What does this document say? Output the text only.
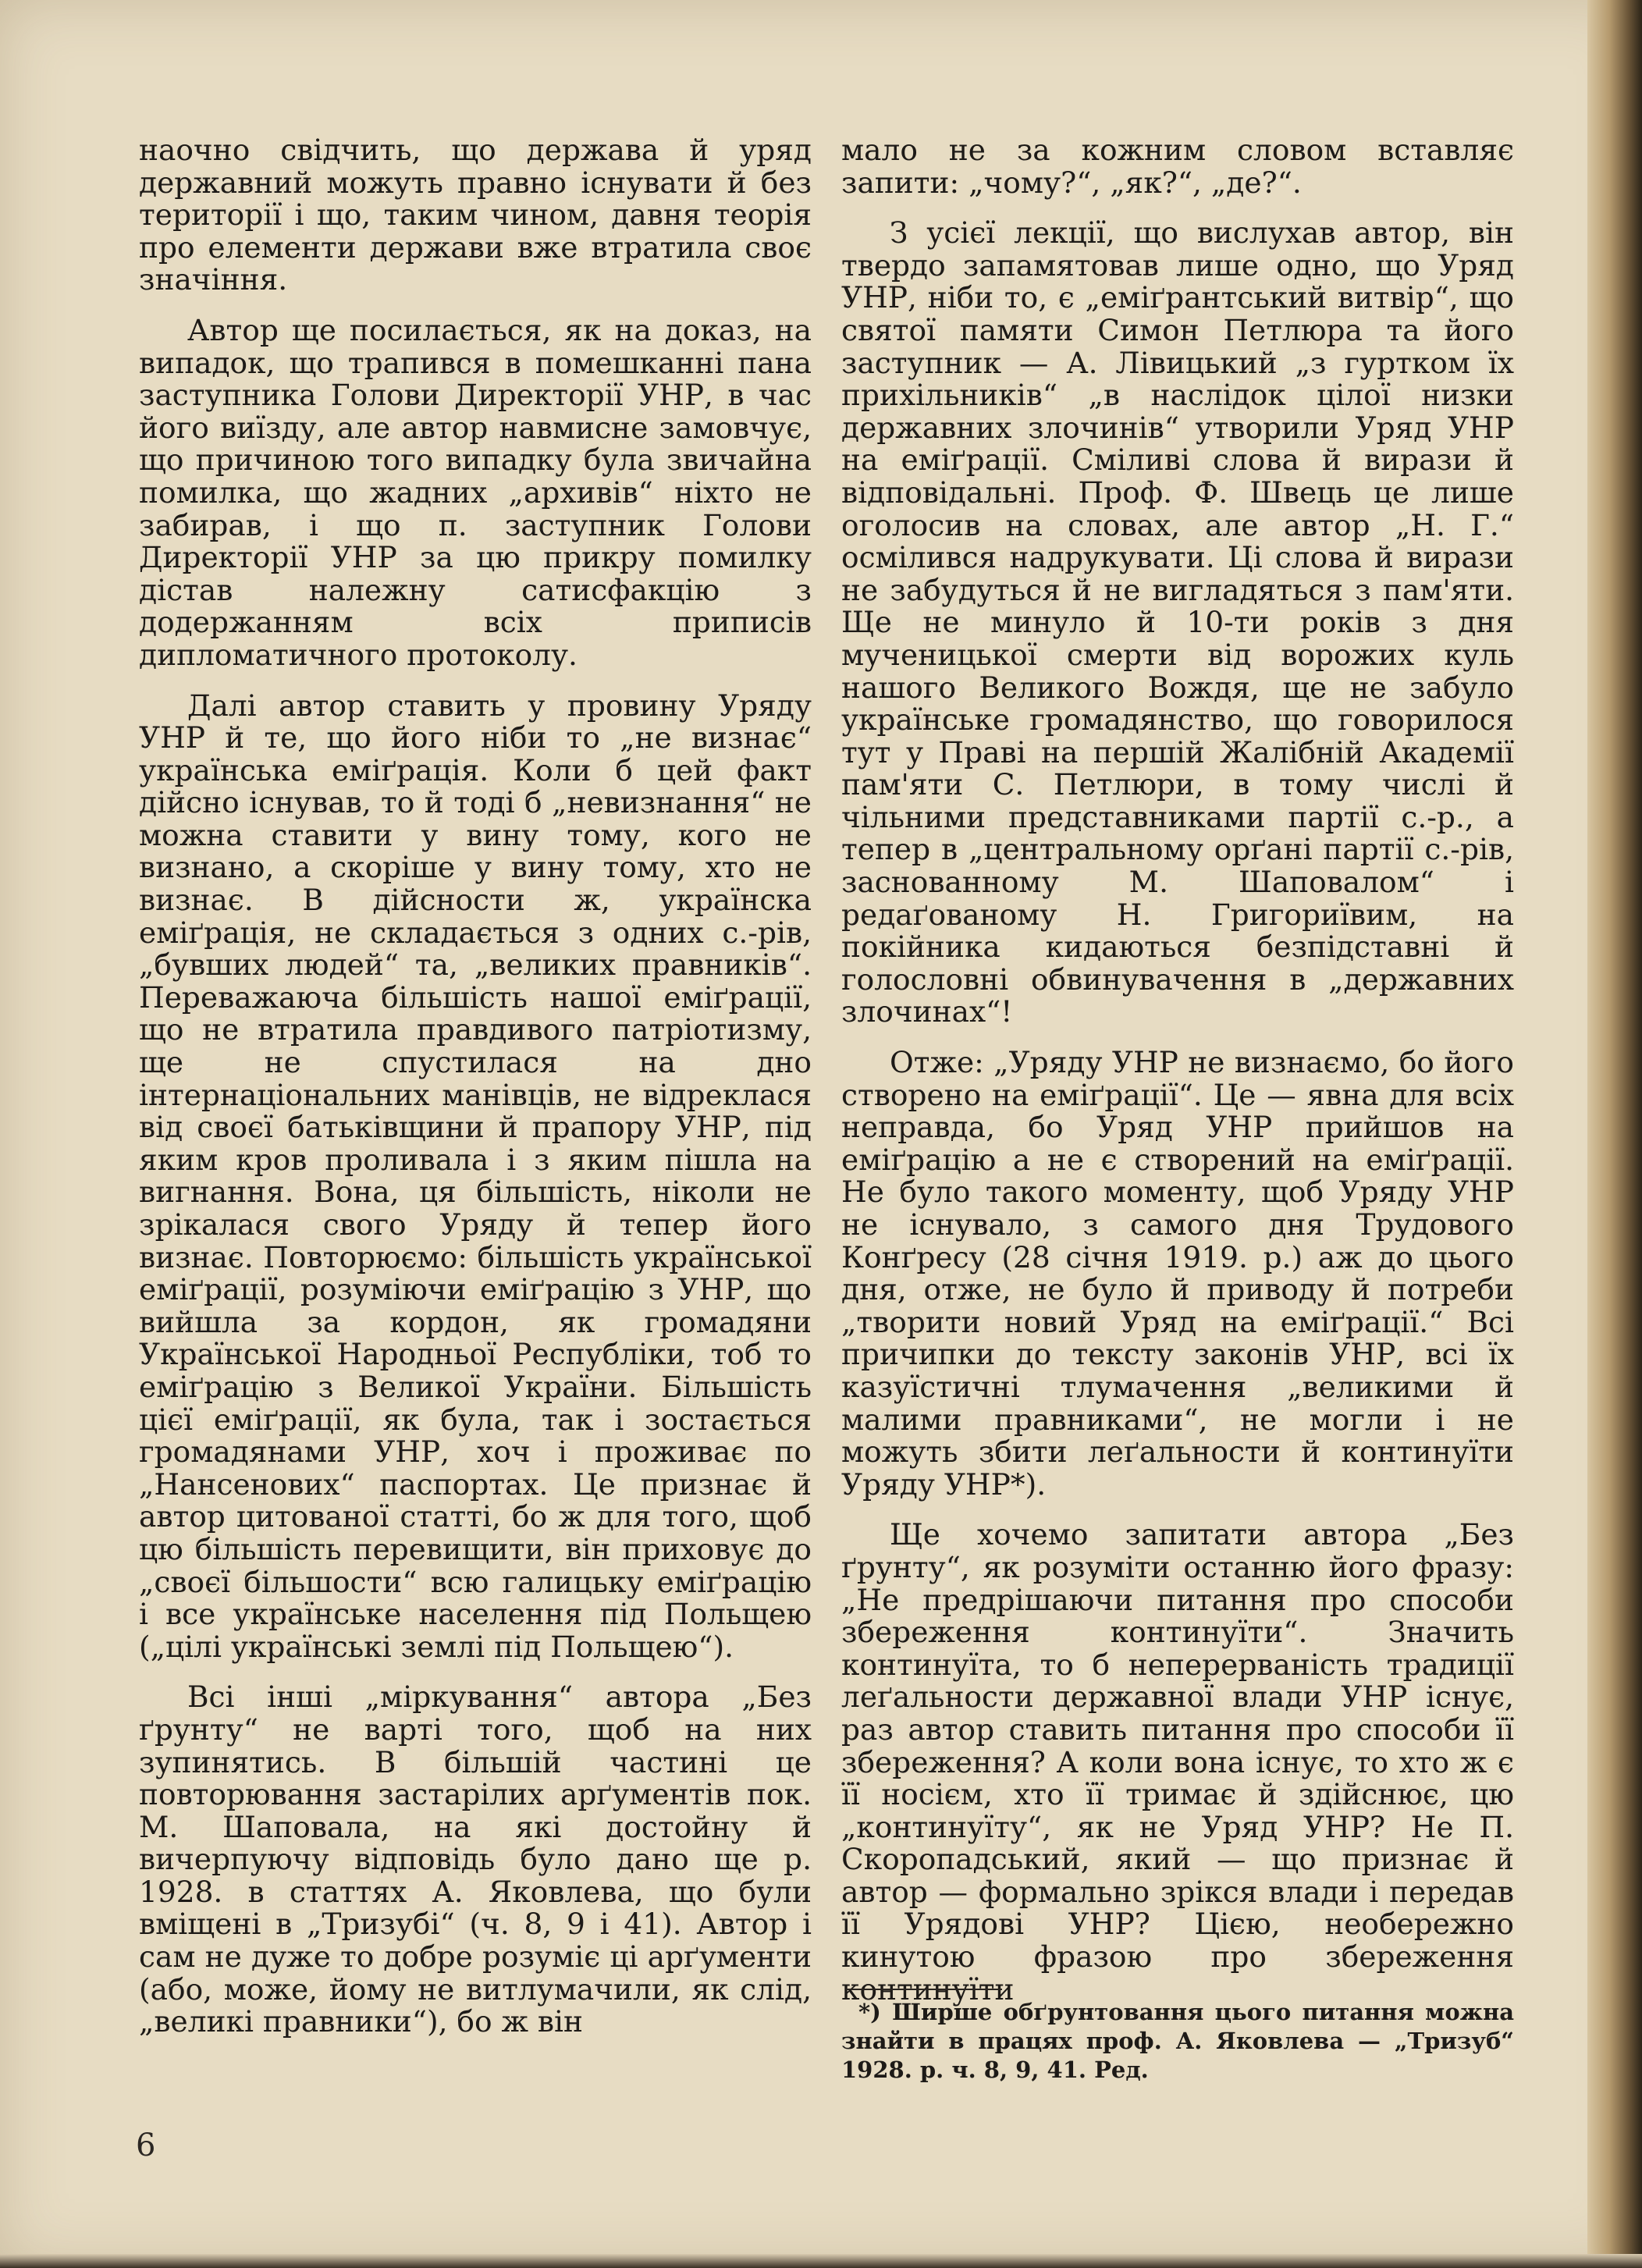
наочно свідчить, що держава й уряд державний можуть правно існувати й без території і що, таким чином, давня теорія про елементи держави вже втратила своє значіння.

Автор ще посилається, як на доказ, на випадок, що трапився в помешканні пана заступника Голови Директорії УНР, в час його виїзду, але автор навмисне замовчує, що причиною того випадку була звичайна помилка, що жадних „архивів“ ніхто не забирав, і що п. заступник Голови Директорії УНР за цю прикру помилку дістав належну сатисфакцію з додержанням всіх приписів дипломатичного протоколу.

Далі автор ставить у провину Уряду УНР й те, що його ніби то „не визнає“ українська еміґрація. Коли б цей факт дійсно існував, то й тоді б „невизнання“ не можна ставити у вину тому, кого не визнано, а скоріше у вину тому, хто не визнає. В дійсности ж, українска еміґрація, не складається з одних с.-рів, „бувших людей“ та, „великих правників“. Переважаюча більшість нашої еміґрації, що не втратила правдивого патріотизму, ще не спустилася на дно інтернаціональних манівців, не відреклася від своєї батьківщини й прапору УНР, під яким кров проливала і з яким пішла на вигнання. Вона, ця більшість, ніколи не зрікалася свого Уряду й тепер його визнає. Повторюємо: більшість української еміґрації, розуміючи еміґрацію з УНР, що вийшла за кордон, як громадяни Української Народньої Республіки, тоб то еміґрацію з Великої України. Більшість цієї еміґрації, як була, так і зостається громадянами УНР, хоч і проживає по „Нансенових“ паспортах. Це признає й автор цитованої статті, бо ж для того, щоб цю більшість перевищити, він приховує до „своєї більшости“ всю галицьку еміґрацію і все українське населення під Польщею („цілі українські землі під Польщею“).

Всі інші „міркування“ автора „Без ґрунту“ не варті того, щоб на них зупинятись. В більшій частині це повторювання застарілих арґументів пок. М. Шаповала, на які достойну й вичерпуючу відповідь було дано ще р. 1928. в статтях А. Яковлева, що були вміщені в „Тризубі“ (ч. 8, 9 і 41). Автор і сам не дуже то добре розуміє ці арґументи (або, може, йому не витлумачили, як слід, „великі правники“), бо ж він

мало не за кожним словом вставляє запити: „чому?“, „як?“, „де?“.

З усієї лекції, що вислухав автор, він твердо запамятовав лише одно, що Уряд УНР, ніби то, є „еміґрантський витвір“, що святої памяти Симон Петлюра та його заступник — А. Лівицький „з гуртком їх прихільників“ „в наслідок цілої низки державних злочинів“ утворили Уряд УНР на еміґрації. Сміливі слова й вирази й відповідальні. Проф. Ф. Швець це лише оголосив на словах, але автор „Н. Г.“ осмілився надрукувати. Ці слова й вирази не забудуться й не вигладяться з пам'яти. Ще не минуло й 10-ти років з дня мученицької смерти від ворожих куль нашого Великого Вождя, ще не забуло українське громадянство, що говорилося тут у Праві на першій Жалібній Академії пам'яти С. Петлюри, в тому числі й чільними представниками партії с.-р., а тепер в „центральному орґані партії с.-рів, заснованному М. Шаповалом“ і редаґованому Н. Григориївим, на покійника кидаються безпідставні й голословні обвинувачення в „державних злочинах“!

Отже: „Уряду УНР не визнаємо, бо його створено на еміґрації“. Це — явна для всіх неправда, бо Уряд УНР прийшов на еміґрацію а не є створений на еміґрації. Не було такого моменту, щоб Уряду УНР не існувало, з самого дня Трудового Конґресу (28 січня 1919. р.) аж до цього дня, отже, не було й приводу й потреби „творити новий Уряд на еміґрації.“ Всі причипки до тексту законів УНР, всі їх казуїстичні тлумачення „великими й малими правниками“, не могли і не можуть збити леґальности й континуїти Уряду УНР*).

Ще хочемо запитати автора „Без ґрунту“, як розуміти останню його фразу: „Не предрішаючи питання про способи збереження континуїти“. Значить континуїта, то б неперерваність традиції леґальности державної влади УНР існує, раз автор ставить питання про способи її збереження? А коли вона існує, то хто ж є її носієм, хто її тримає й здійснює, цю „континуїту“, як не Уряд УНР? Не П. Скоропадський, який — що признає й автор — формально зрікся влади і передав її Урядові УНР? Цією, необережно кинутою фразою про збереження континуїти

*) Ширше обґрунтовання цього питання можна знайти в працях проф. А. Яковлева — „Тризуб“ 1928. р. ч. 8, 9, 41. Ред.

6
